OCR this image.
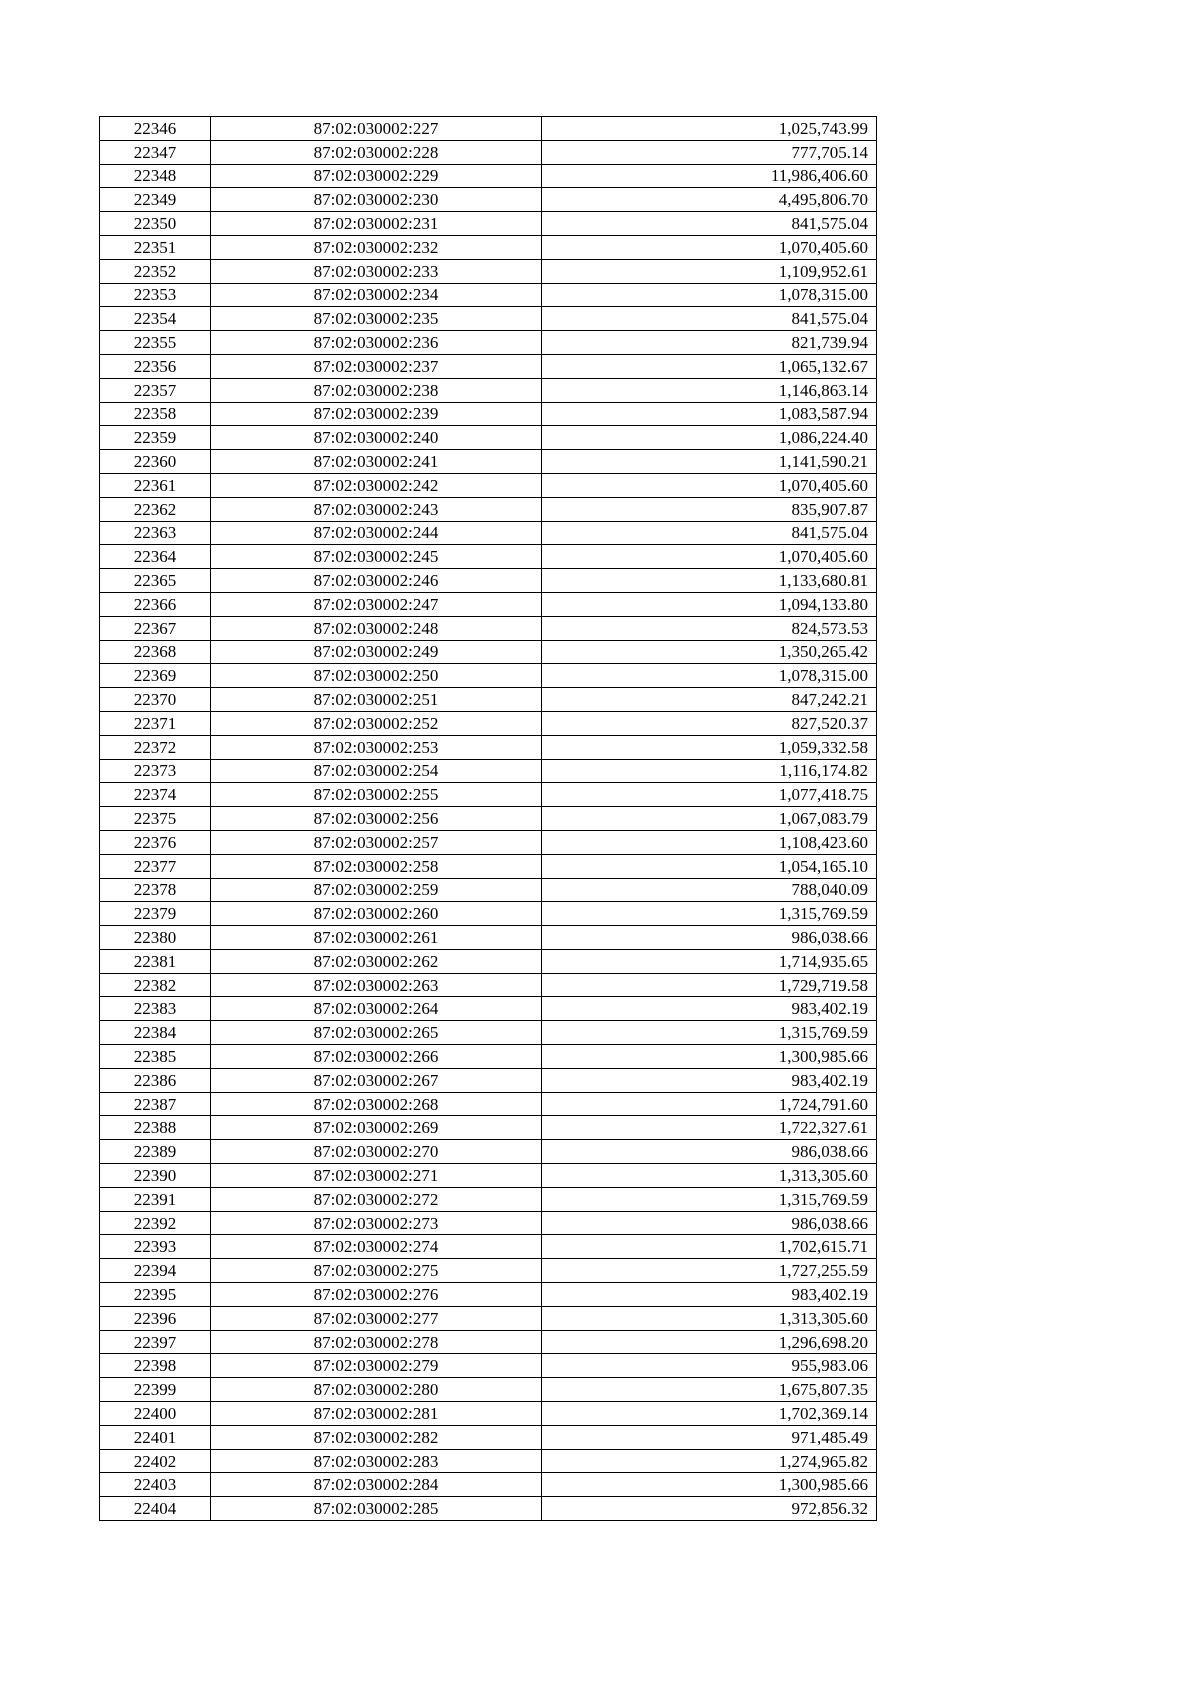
22346	87:02:030002:227	1,025,743.99
22347	87:02:030002:228	777,705.14
22348	87:02:030002:229	11,986,406.60
22349	87:02:030002:230	4,495,806.70
22350	87:02:030002:231	841,575.04
22351	87:02:030002:232	1,070,405.60
22352	87:02:030002:233	1,109,952.61
22353	87:02:030002:234	1,078,315.00
22354	87:02:030002:235	841,575.04
22355	87:02:030002:236	821,739.94
22356	87:02:030002:237	1,065,132.67
22357	87:02:030002:238	1,146,863.14
22358	87:02:030002:239	1,083,587.94
22359	87:02:030002:240	1,086,224.40
22360	87:02:030002:241	1,141,590.21
22361	87:02:030002:242	1,070,405.60
22362	87:02:030002:243	835,907.87
22363	87:02:030002:244	841,575.04
22364	87:02:030002:245	1,070,405.60
22365	87:02:030002:246	1,133,680.81
22366	87:02:030002:247	1,094,133.80
22367	87:02:030002:248	824,573.53
22368	87:02:030002:249	1,350,265.42
22369	87:02:030002:250	1,078,315.00
22370	87:02:030002:251	847,242.21
22371	87:02:030002:252	827,520.37
22372	87:02:030002:253	1,059,332.58
22373	87:02:030002:254	1,116,174.82
22374	87:02:030002:255	1,077,418.75
22375	87:02:030002:256	1,067,083.79
22376	87:02:030002:257	1,108,423.60
22377	87:02:030002:258	1,054,165.10
22378	87:02:030002:259	788,040.09
22379	87:02:030002:260	1,315,769.59
22380	87:02:030002:261	986,038.66
22381	87:02:030002:262	1,714,935.65
22382	87:02:030002:263	1,729,719.58
22383	87:02:030002:264	983,402.19
22384	87:02:030002:265	1,315,769.59
22385	87:02:030002:266	1,300,985.66
22386	87:02:030002:267	983,402.19
22387	87:02:030002:268	1,724,791.60
22388	87:02:030002:269	1,722,327.61
22389	87:02:030002:270	986,038.66
22390	87:02:030002:271	1,313,305.60
22391	87:02:030002:272	1,315,769.59
22392	87:02:030002:273	986,038.66
22393	87:02:030002:274	1,702,615.71
22394	87:02:030002:275	1,727,255.59
22395	87:02:030002:276	983,402.19
22396	87:02:030002:277	1,313,305.60
22397	87:02:030002:278	1,296,698.20
22398	87:02:030002:279	955,983.06
22399	87:02:030002:280	1,675,807.35
22400	87:02:030002:281	1,702,369.14
22401	87:02:030002:282	971,485.49
22402	87:02:030002:283	1,274,965.82
22403	87:02:030002:284	1,300,985.66
22404	87:02:030002:285	972,856.32
